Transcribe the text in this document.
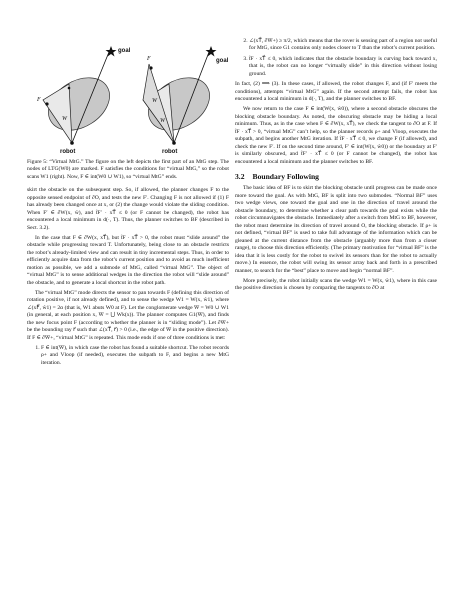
goal
robot
F
W
goal
robot
F
W
W
Figure 5: “Virtual MtG.” The figure on the left depicts the first part of an MtG step. The nodes of LTG(W0) are marked. F satisfies the conditions for “virtual MtG,” so the robot scans W1 (right). Now, F ∈ int(W0 ∪ W1), so “virtual MtG” ends.

skirt the obstacle on the subsequent step. So, if allowed, the planner changes F to the opposite sensed endpoint of ∂O, and tests the new F′. Changing F is not allowed if (1) F has already been changed once at x, or (2) the change would violate the sliding condition. When F′ ∈ ∂W(x, ŵ), and t̂F′ · xT⃗ ≤ 0 (or F cannot be changed), the robot has encountered a local minimum in d(·, T). Thus, the planner switches to BF (described in Sect. 3.2).

In the case that F ∈ ∂W(x, xT⃗), but t̂F · xT⃗ > 0, the robot must “slide around” the obstacle while progressing toward T. Unfortunately, being close to an obstacle restricts the robot’s already-limited view and can result in tiny incremental steps. Thus, in order to efficiently acquire data from the robot’s current position and to avoid as much inefficient motion as possible, we add a submode of MtG, called “virtual MtG”. The object of “virtual MtG” is to sense additional wedges in the direction the robot will “slide around” the obstacle, and to generate a local shortcut in the robot path.

The “virtual MtG” mode directs the sensor to pan towards F (defining this direction of rotation positive, if not already defined), and to sense the wedge W1 = W(x, ŵ1), where ∠(xF⃗, ŵ1) = 2α (that is, W1 abuts W0 at F). Let the conglomerate wedge W̅ = W0 ∪ W1 (in general, at each position x, W̅ = ⋃ Wk(x)). The planner computes G1(W̅), and finds the new focus point F (according to whether the planner is in “sliding mode”). Let ∂W̅+ be the bounding ray r⃗ such that ∠(xT⃗, r⃗) > 0 (i.e., the edge of W̅ in the positive direction). If F ∈ ∂W̅+, “virtual MtG” is repeated. This mode ends if one of three conditions is met:

1. F ∈ int(W̅), in which case the robot has found a suitable shortcut. The robot records ρ+ and Vloop (if needed), executes the subpath to F, and begins a new MtG iteration.
2. ∠(xT⃗, ∂W̅+) ≥ π/2, which means that the rover is sensing part of a region not useful for MtG, since G1 contains only nodes closer to T than the robot’s current position.
3. t̂F · xT⃗ ≤ 0, which indicates that the obstacle boundary is curving back toward x, that is, the robot can no longer “virtually slide” in this direction without losing ground.

In fact, (2) ⟹ (3). In these cases, if allowed, the robot changes F, and (if F′ meets the conditions), attempts “virtual MtG” again. If the second attempt fails, the robot has encountered a local minimum in d(·, T), and the planner switches to BF.

We now return to the case F ∈ int(W(x, ŵ0)), where a second obstacle obscures the blocking obstacle boundary. As noted, the obscuring obstacle may be hiding a local minimum. Thus, as in the case when F ∈ ∂W(x, xT⃗), we check the tangent to ∂O at F. If t̂F · xT⃗ > 0, “virtual MtG” can’t help, so the planner records ρ+ and Vloop, executes the subpath, and begins another MtG iteration. If t̂F · xT⃗ ≤ 0, we change F (if allowed), and check the new F′. If on the second time around, F′ ∈ int(W(x, ŵ0)) or the boundary at F′ is similarly obscured, and t̂F′ · xT⃗ ≤ 0 (or F cannot be changed), the robot has encountered a local minimum and the planner switches to BF.

3.2 Boundary Following

The basic idea of BF is to skirt the blocking obstacle until progress can be made once more toward the goal. As with MtG, BF is split into two submodes. “Normal BF” uses two wedge views, one toward the goal and one in the direction of travel around the obstacle boundary, to determine whether a clear path towards the goal exists while the robot circumnavigates the obstacle. Immediately after a switch from MtG to BF, however, the robot must determine its direction of travel around O, the blocking obstacle. If ρ+ is not defined, “virtual BF” is used to take full advantage of the information which can be gleaned at the current distance from the obstacle (arguably more than from a closer range), to choose this direction efficiently. (The primary motivation for “virtual BF” is the idea that it is less costly for the robot to swivel its sensors than for the robot to actually move.) In essence, the robot will swing its sensor array back and forth in a prescribed manner, to search for the “best” place to move and begin “normal BF”.

More precisely, the robot initially scans the wedge W1 = W(x, ŵ1), where in this case the positive direction is chosen by comparing the tangents to ∂O at
